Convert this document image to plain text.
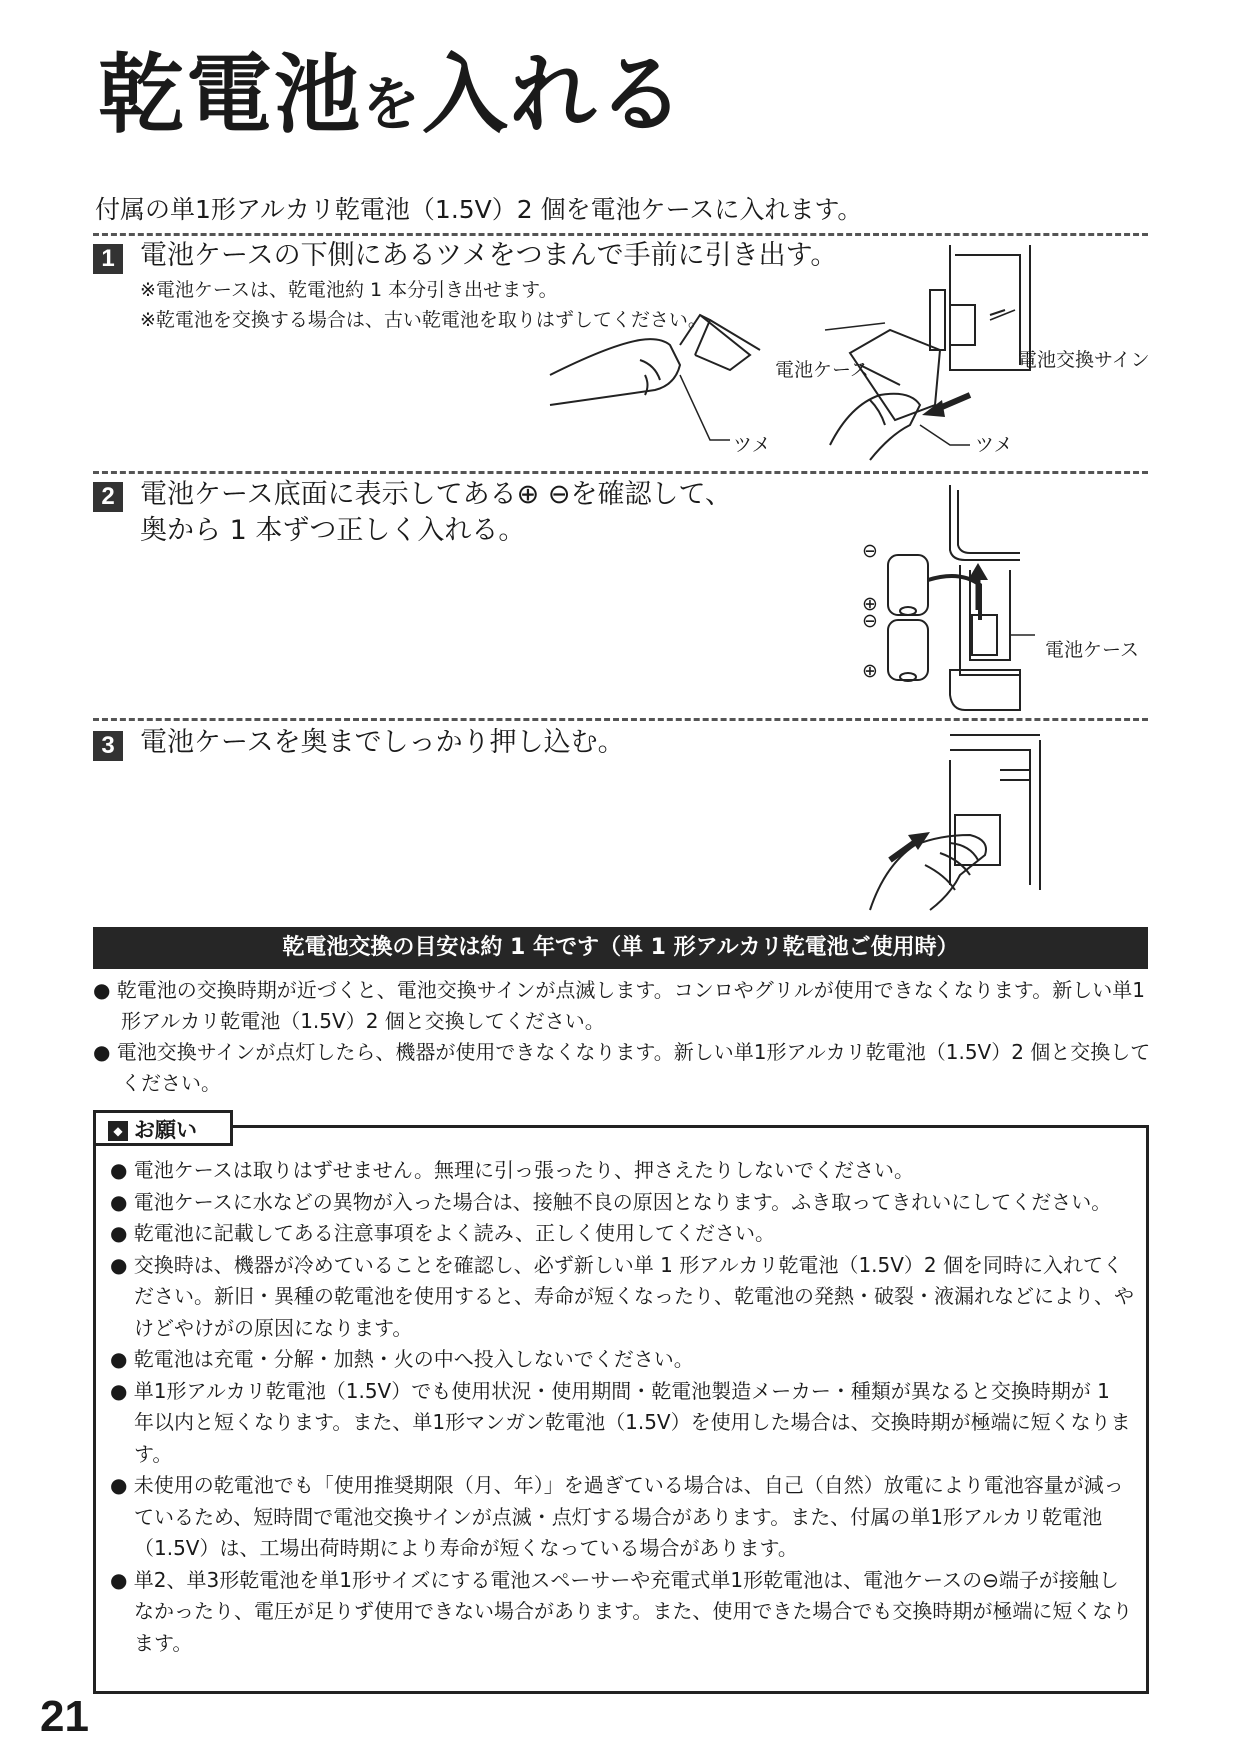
乾電池を入れる
付属の単1形アルカリ乾電池（1.5V）2 個を電池ケースに入れます。
1 電池ケースの下側にあるツメをつまんで手前に引き出す。
※電池ケースは、乾電池約 1 本分引き出せます。
※乾電池を交換する場合は、古い乾電池を取りはずしてください。
電池ケース	電池交換サイン
ツメ	ツメ
2 電池ケース底面に表示してある⊕ ⊖を確認して、
奥から 1 本ずつ正しく入れる。
⊖
⊕
⊖
⊕
電池ケース
3 電池ケースを奥までしっかり押し込む。
乾電池交換の目安は約 1 年です（単 1 形アルカリ乾電池ご使用時）

● 乾電池の交換時期が近づくと、電池交換サインが点滅します。コンロやグリルが使用できなくなります。新しい単1形アルカリ乾電池（1.5V）2 個と交換してください。

● 電池交換サインが点灯したら、機器が使用できなくなります。新しい単1形アルカリ乾電池（1.5V）2 個と交換してください。

◆ お願い

● 電池ケースは取りはずせません。無理に引っ張ったり、押さえたりしないでください。

● 電池ケースに水などの異物が入った場合は、接触不良の原因となります。ふき取ってきれいにしてください。

● 乾電池に記載してある注意事項をよく読み、正しく使用してください。

● 交換時は、機器が冷めていることを確認し、必ず新しい単 1 形アルカリ乾電池（1.5V）2 個を同時に入れてください。新旧・異種の乾電池を使用すると、寿命が短くなったり、乾電池の発熱・破裂・液漏れなどにより、やけどやけがの原因になります。

● 乾電池は充電・分解・加熱・火の中へ投入しないでください。

● 単1形アルカリ乾電池（1.5V）でも使用状況・使用期間・乾電池製造メーカー・種類が異なると交換時期が 1 年以内と短くなります。また、単1形マンガン乾電池（1.5V）を使用した場合は、交換時期が極端に短くなります。

● 未使用の乾電池でも「使用推奨期限（月、年）」を過ぎている場合は、自己（自然）放電により電池容量が減っているため、短時間で電池交換サインが点滅・点灯する場合があります。また、付属の単1形アルカリ乾電池（1.5V）は、工場出荷時期により寿命が短くなっている場合があります。

● 単2、単3形乾電池を単1形サイズにする電池スペーサーや充電式単1形乾電池は、電池ケースの⊖端子が接触しなかったり、電圧が足りず使用できない場合があります。また、使用できた場合でも交換時期が極端に短くなります。

21
